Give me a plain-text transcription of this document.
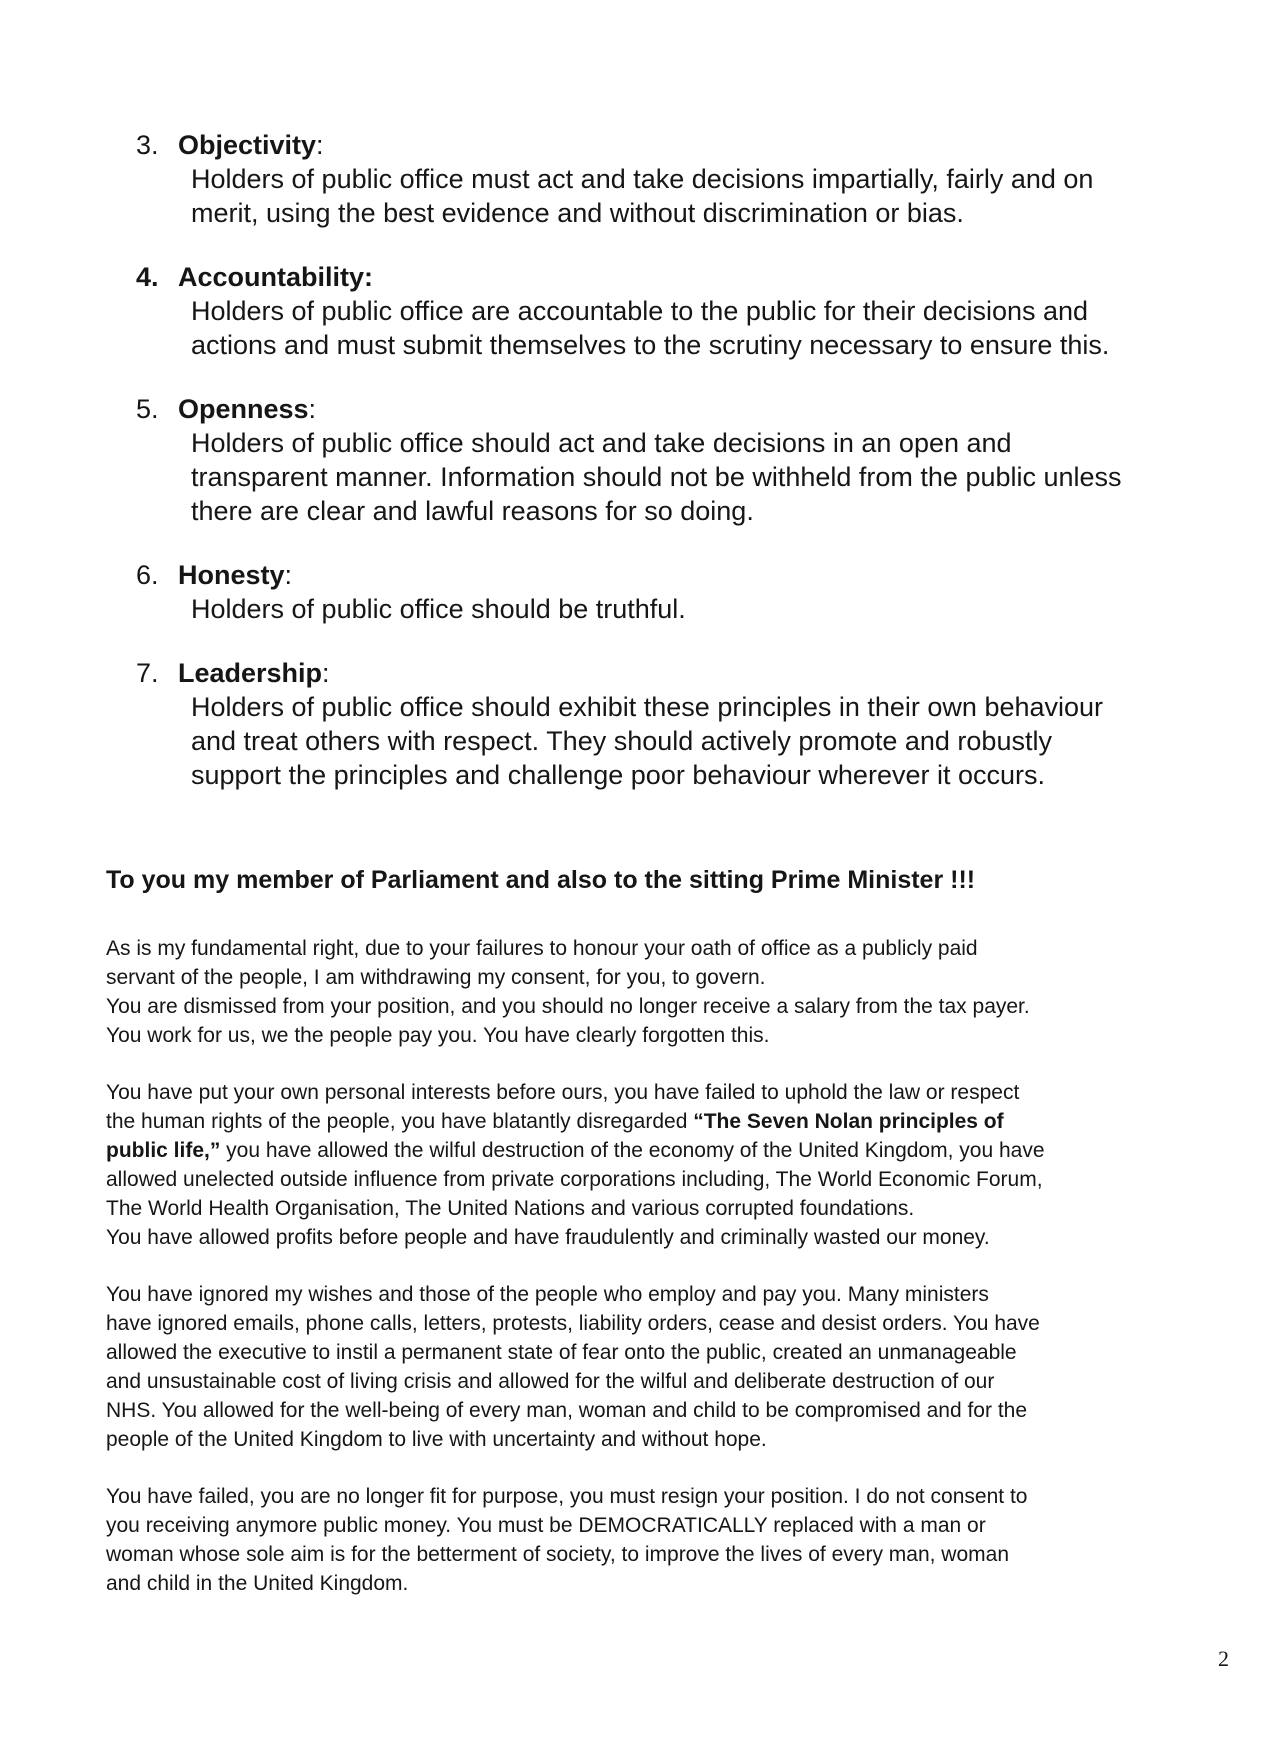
3. Objectivity:
Holders of public office must act and take decisions impartially, fairly and on
merit, using the best evidence and without discrimination or bias.
4. Accountability:
Holders of public office are accountable to the public for their decisions and
actions and must submit themselves to the scrutiny necessary to ensure this.
5. Openness:
Holders of public office should act and take decisions in an open and
transparent manner. Information should not be withheld from the public unless
there are clear and lawful reasons for so doing.
6. Honesty:
Holders of public office should be truthful.
7. Leadership:
Holders of public office should exhibit these principles in their own behaviour
and treat others with respect. They should actively promote and robustly
support the principles and challenge poor behaviour wherever it occurs.
To you my member of Parliament and also to the sitting Prime Minister !!!
As is my fundamental right, due to your failures to honour your oath of office as a publicly paid
servant of the people, I am withdrawing my consent, for you, to govern.
You are dismissed from your position, and you should no longer receive a salary from the tax payer.
You work for us, we the people pay you. You have clearly forgotten this.
You have put your own personal interests before ours, you have failed to uphold the law or respect
the human rights of the people, you have blatantly disregarded “The Seven Nolan principles of
public life,” you have allowed the wilful destruction of the economy of the United Kingdom, you have
allowed unelected outside influence from private corporations including, The World Economic Forum,
The World Health Organisation, The United Nations and various corrupted foundations.
You have allowed profits before people and have fraudulently and criminally wasted our money.
You have ignored my wishes and those of the people who employ and pay you. Many ministers
have ignored emails, phone calls, letters, protests, liability orders, cease and desist orders. You have
allowed the executive to instil a permanent state of fear onto the public, created an unmanageable
and unsustainable cost of living crisis and allowed for the wilful and deliberate destruction of our
NHS. You allowed for the well-being of every man, woman and child to be compromised and for the
people of the United Kingdom to live with uncertainty and without hope.
You have failed, you are no longer fit for purpose, you must resign your position. I do not consent to
you receiving anymore public money. You must be DEMOCRATICALLY replaced with a man or
woman whose sole aim is for the betterment of society, to improve the lives of every man, woman
and child in the United Kingdom.
2
